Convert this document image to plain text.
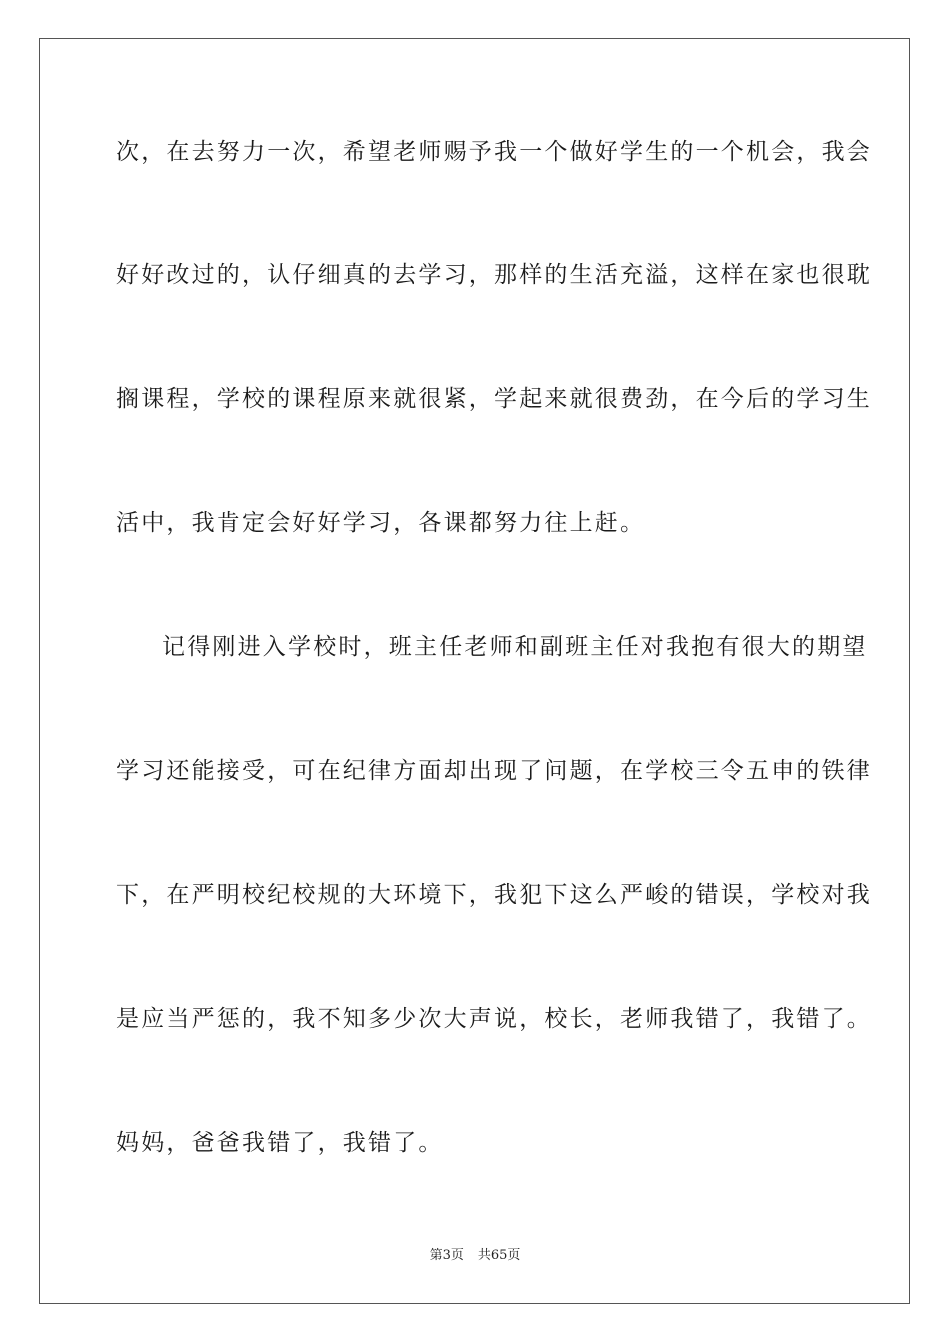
次，在去努力一次，希望老师赐予我一个做好学生的一个机会，我会
好好改过的，认仔细真的去学习，那样的生活充溢，这样在家也很耽
搁课程，学校的课程原来就很紧，学起来就很费劲，在今后的学习生
活中，我肯定会好好学习，各课都努力往上赶。
记得刚进入学校时，班主任老师和副班主任对我抱有很大的期望
学习还能接受，可在纪律方面却出现了问题，在学校三令五申的铁律
下，在严明校纪校规的大环境下，我犯下这么严峻的错误，学校对我
是应当严惩的，我不知多少次大声说，校长，老师我错了，我错了。
妈妈，爸爸我错了，我错了。
第3页 共65页
